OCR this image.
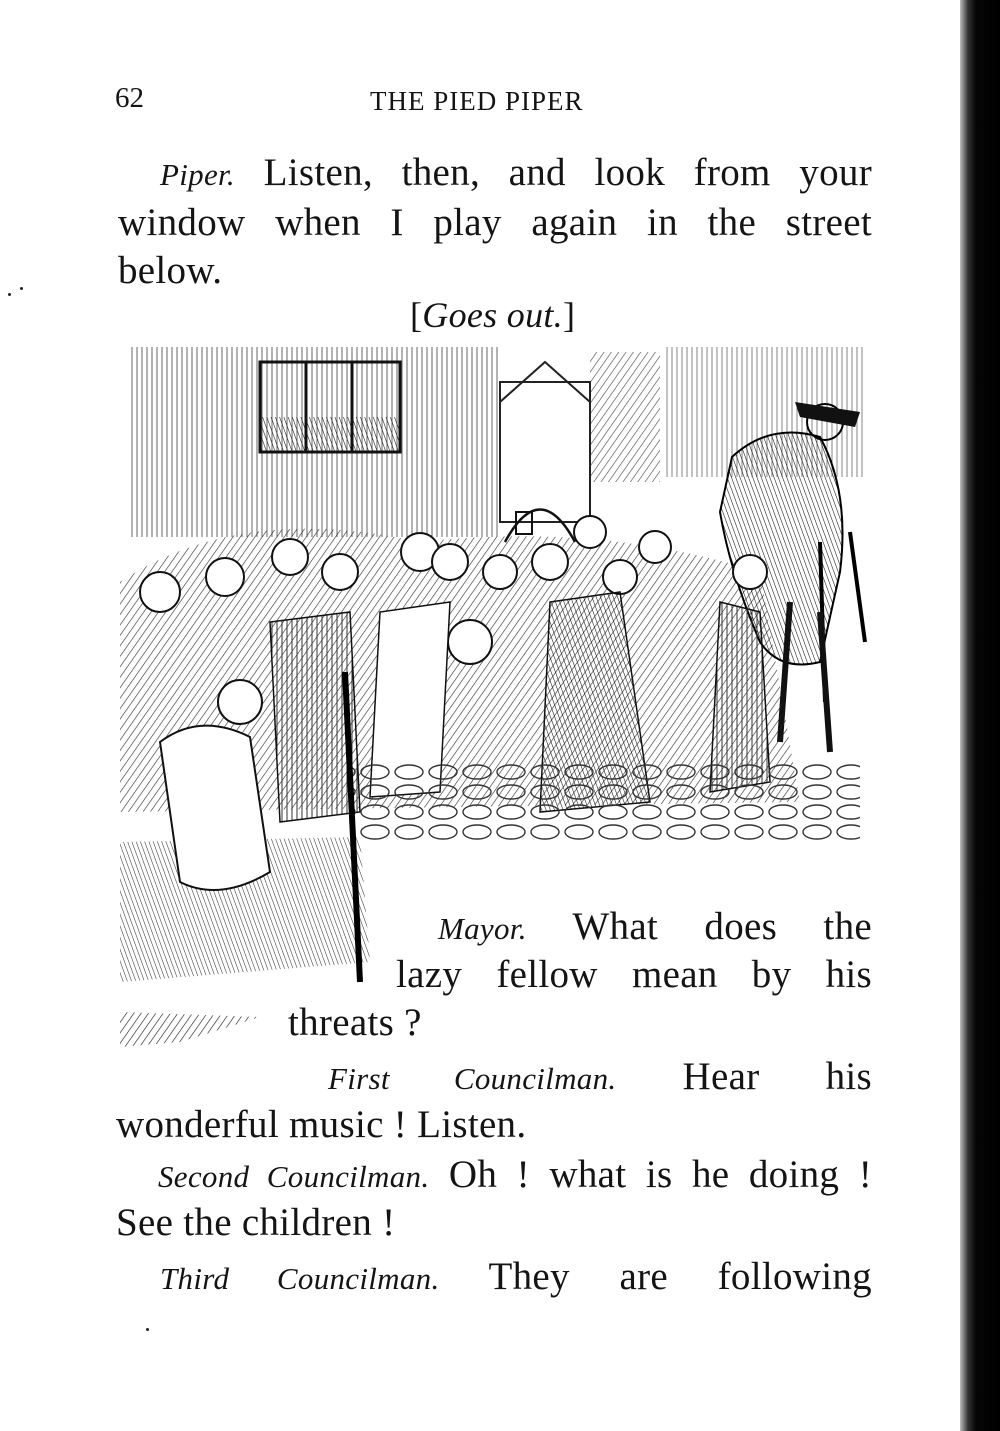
62	THE PIED PIPER
Piper. Listen, then, and look from your
window when I play again in the street
below.
[Goes out.]
Mayor. What does the
lazy fellow mean by his
threats ?
First Councilman. Hear his
wonderful music ! Listen.
Second Councilman. Oh ! what is he doing !
See the children !
Third Councilman. They are following
